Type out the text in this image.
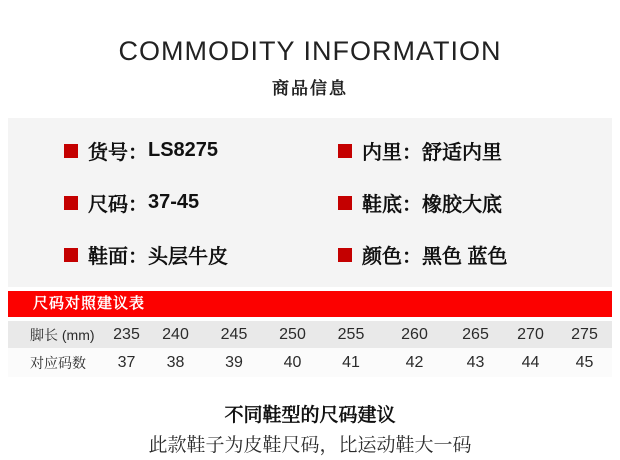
COMMODITY INFORMATION
商品信息
货号： LS8275
尺码： 37-45
鞋面： 头层牛皮
内里： 舒适内里
鞋底： 橡胶大底
颜色： 黑色 蓝色
尺码对照建议表
脚长 (mm)	235	240	245	250	255	260	265	270	275
对应码数	37	38	39	40	41	42	43	44	45
不同鞋型的尺码建议
此款鞋子为皮鞋尺码，比运动鞋大一码
